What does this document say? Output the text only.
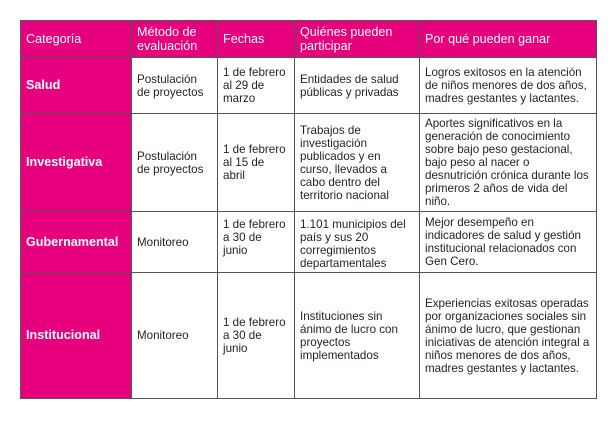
Categoría	Método de evaluación	Fechas	Quiénes pueden participar	Por qué pueden ganar
Salud	Postulación de proyectos	1 de febrero al 29 de marzo	Entidades de salud públicas y privadas	Logros exitosos en la atención de niños menores de dos años, madres gestantes y lactantes.
Investigativa	Postulación de proyectos	1 de febrero al 15 de abril	Trabajos de investigación publicados y en curso, llevados a cabo dentro del territorio nacional	Aportes significativos en la generación de conocimiento sobre bajo peso gestacional, bajo peso al nacer o desnutrición crónica durante los primeros 2 años de vida del niño.
Gubernamental	Monitoreo	1 de febrero a 30 de junio	1.101 municipios del país y sus 20 corregimientos departamentales	Mejor desempeño en indicadores de salud y gestión institucional relacionados con Gen Cero.
Institucional	Monitoreo	1 de febrero a 30 de junio	Instituciones sin ánimo de lucro con proyectos implementados	Experiencias exitosas operadas por organizaciones sociales sin ánimo de lucro, que gestionan iniciativas de atención integral a niños menores de dos años, madres gestantes y lactantes.
